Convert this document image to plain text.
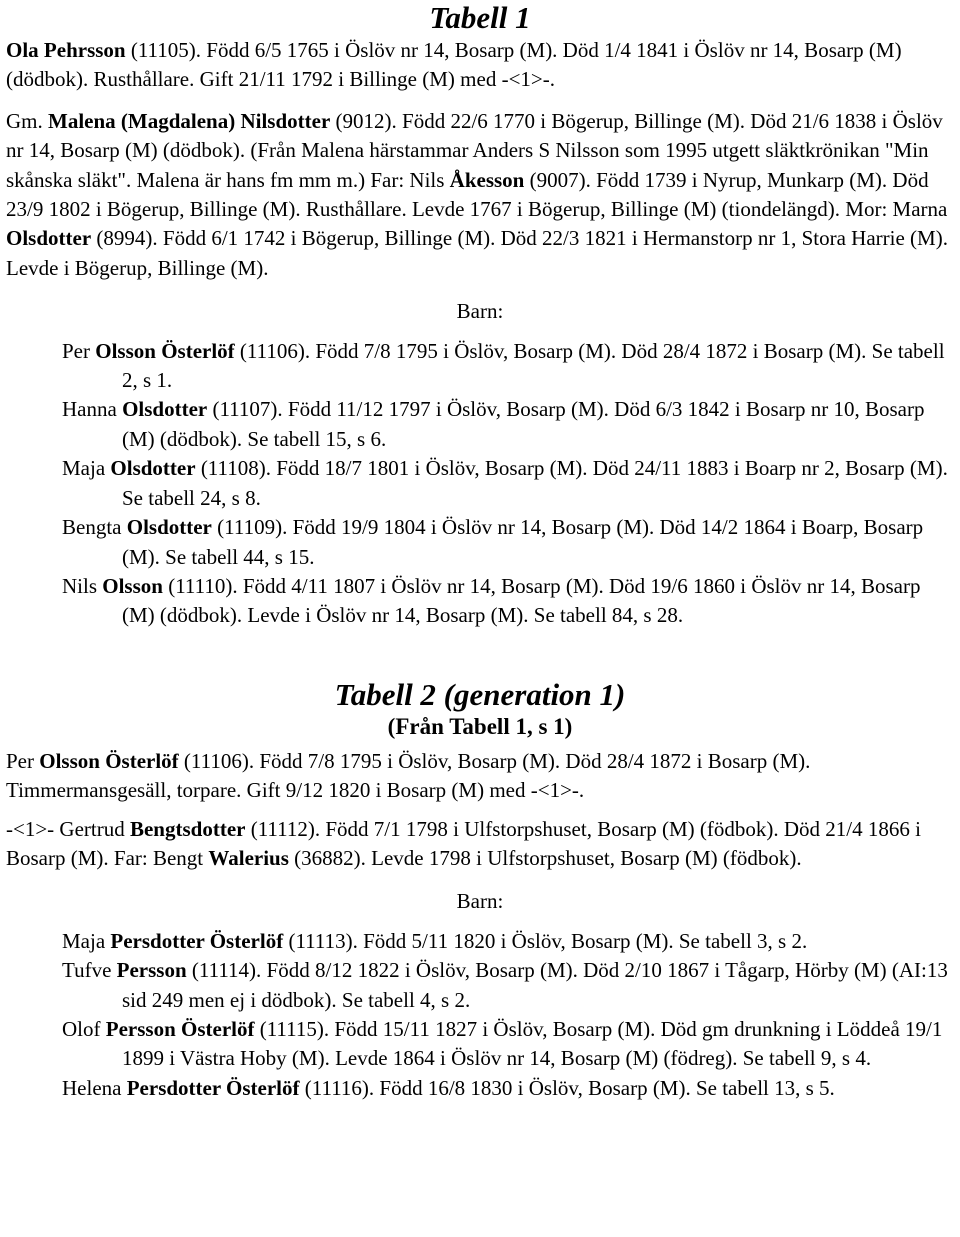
Tabell 1

Ola Pehrsson (11105). Född 6/5 1765 i Öslöv nr 14, Bosarp (M). Död 1/4 1841 i Öslöv nr 14, Bosarp (M) (dödbok). Rusthållare. Gift 21/11 1792 i Billinge (M) med -<1>-.

Gm. Malena (Magdalena) Nilsdotter (9012). Född 22/6 1770 i Bögerup, Billinge (M). Död 21/6 1838 i Öslöv nr 14, Bosarp (M) (dödbok). (Från Malena härstammar Anders S Nilsson som 1995 utgett släktkrönikan "Min skånska släkt". Malena är hans fm mm m.) Far: Nils Åkesson (9007). Född 1739 i Nyrup, Munkarp (M). Död 23/9 1802 i Bögerup, Billinge (M). Rusthållare. Levde 1767 i Bögerup, Billinge (M) (tiondelängd). Mor: Marna Olsdotter (8994). Född 6/1 1742 i Bögerup, Billinge (M). Död 22/3 1821 i Hermanstorp nr 1, Stora Harrie (M). Levde i Bögerup, Billinge (M).

Barn:
Per Olsson Österlöf (11106). Född 7/8 1795 i Öslöv, Bosarp (M). Död 28/4 1872 i Bosarp (M). Se tabell 2, s 1.
Hanna Olsdotter (11107). Född 11/12 1797 i Öslöv, Bosarp (M). Död 6/3 1842 i Bosarp nr 10, Bosarp (M) (dödbok). Se tabell 15, s 6.
Maja Olsdotter (11108). Född 18/7 1801 i Öslöv, Bosarp (M). Död 24/11 1883 i Boarp nr 2, Bosarp (M). Se tabell 24, s 8.
Bengta Olsdotter (11109). Född 19/9 1804 i Öslöv nr 14, Bosarp (M). Död 14/2 1864 i Boarp, Bosarp (M). Se tabell 44, s 15.
Nils Olsson (11110). Född 4/11 1807 i Öslöv nr 14, Bosarp (M). Död 19/6 1860 i Öslöv nr 14, Bosarp (M) (dödbok). Levde i Öslöv nr 14, Bosarp (M). Se tabell 84, s 28.
Tabell 2 (generation 1)
(Från Tabell 1, s 1)

Per Olsson Österlöf (11106). Född 7/8 1795 i Öslöv, Bosarp (M). Död 28/4 1872 i Bosarp (M). Timmermansgesäll, torpare. Gift 9/12 1820 i Bosarp (M) med -<1>-.

-<1>- Gertrud Bengtsdotter (11112). Född 7/1 1798 i Ulfstorpshuset, Bosarp (M) (födbok). Död 21/4 1866 i Bosarp (M). Far: Bengt Walerius (36882). Levde 1798 i Ulfstorpshuset, Bosarp (M) (födbok).

Barn:
Maja Persdotter Österlöf (11113). Född 5/11 1820 i Öslöv, Bosarp (M). Se tabell 3, s 2.
Tufve Persson (11114). Född 8/12 1822 i Öslöv, Bosarp (M). Död 2/10 1867 i Tågarp, Hörby (M) (AI:13 sid 249 men ej i dödbok). Se tabell 4, s 2.
Olof Persson Österlöf (11115). Född 15/11 1827 i Öslöv, Bosarp (M). Död gm drunkning i Löddeå 19/1 1899 i Västra Hoby (M). Levde 1864 i Öslöv nr 14, Bosarp (M) (födreg). Se tabell 9, s 4.
Helena Persdotter Österlöf (11116). Född 16/8 1830 i Öslöv, Bosarp (M). Se tabell 13, s 5.
